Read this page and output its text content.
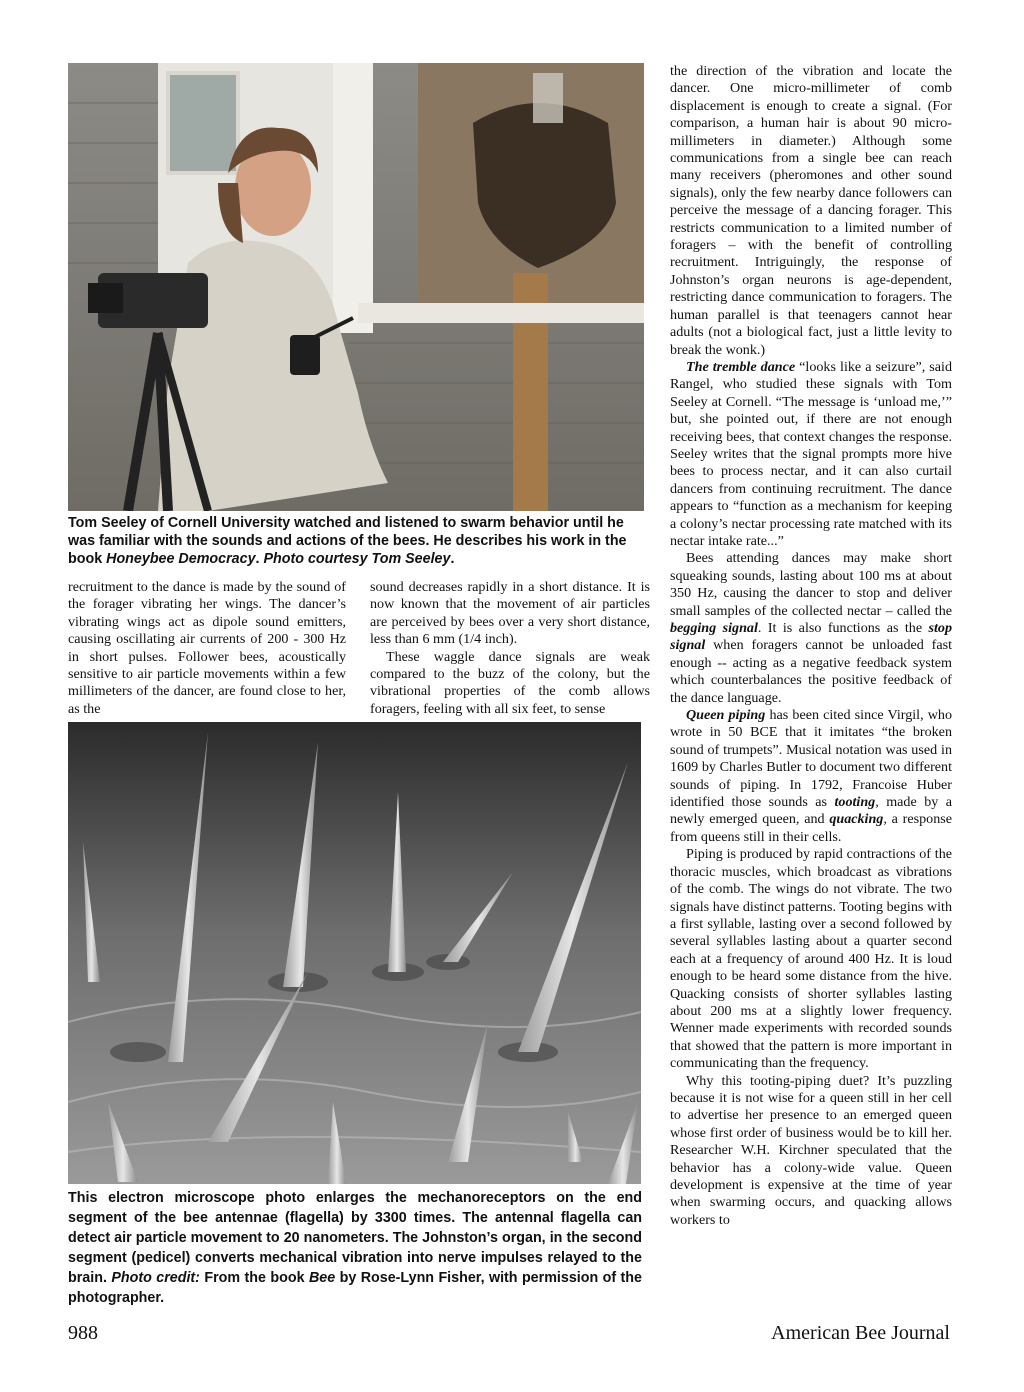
Tom Seeley of Cornell University watched and listened to swarm behavior until he was familiar with the sounds and actions of the bees. He describes his work in the book Honeybee Democracy. Photo courtesy Tom Seeley.

recruitment to the dance is made by the sound of the forager vibrating her wings. The dancer’s vibrating wings act as dipole sound emitters, causing oscillating air currents of 200 - 300 Hz in short pulses. Follower bees, acoustically sensitive to air particle movements within a few millimeters of the dancer, are found close to her, as the

sound decreases rapidly in a short distance. It is now known that the movement of air particles are perceived by bees over a very short distance, less than 6 mm (1/4 inch).

These waggle dance signals are weak compared to the buzz of the colony, but the vibrational properties of the comb allows foragers, feeling with all six feet, to sense

the direction of the vibration and locate the dancer. One micro-millimeter of comb displacement is enough to create a signal. (For comparison, a human hair is about 90 micro-millimeters in diameter.) Although some communications from a single bee can reach many receivers (pheromones and other sound signals), only the few nearby dance followers can perceive the message of a dancing forager. This restricts communication to a limited number of foragers – with the benefit of controlling recruitment. Intriguingly, the response of Johnston’s organ neurons is age-dependent, restricting dance communication to foragers. The human parallel is that teenagers cannot hear adults (not a biological fact, just a little levity to break the wonk.)

The tremble dance “looks like a seizure”, said Rangel, who studied these signals with Tom Seeley at Cornell. “The message is ‘unload me,’” but, she pointed out, if there are not enough receiving bees, that context changes the response. Seeley writes that the signal prompts more hive bees to process nectar, and it can also curtail dancers from continuing recruitment. The dance appears to “function as a mechanism for keeping a colony’s nectar processing rate matched with its nectar intake rate...”

Bees attending dances may make short squeaking sounds, lasting about 100 ms at about 350 Hz, causing the dancer to stop and deliver small samples of the collected nectar – called the begging signal. It is also functions as the stop signal when foragers cannot be unloaded fast enough -- acting as a negative feedback system which counterbalances the positive feedback of the dance language.

Queen piping has been cited since Virgil, who wrote in 50 BCE that it imitates “the broken sound of trumpets”. Musical notation was used in 1609 by Charles Butler to document two different sounds of piping. In 1792, Francoise Huber identified those sounds as tooting, made by a newly emerged queen, and quacking, a response from queens still in their cells.

Piping is produced by rapid contractions of the thoracic muscles, which broadcast as vibrations of the comb. The wings do not vibrate. The two signals have distinct patterns. Tooting begins with a first syllable, lasting over a second followed by several syllables lasting about a quarter second each at a frequency of around 400 Hz. It is loud enough to be heard some distance from the hive. Quacking consists of shorter syllables lasting about 200 ms at a slightly lower frequency. Wenner made experiments with recorded sounds that showed that the pattern is more important in communicating than the frequency.

Why this tooting-piping duet? It’s puzzling because it is not wise for a queen still in her cell to advertise her presence to an emerged queen whose first order of business would be to kill her. Researcher W.H. Kirchner speculated that the behavior has a colony-wide value. Queen development is expensive at the time of year when swarming occurs, and quacking allows workers to

This electron microscope photo enlarges the mechanoreceptors on the end segment of the bee antennae (flagella) by 3300 times. The antennal flagella can detect air particle movement to 20 nanometers. The Johnston’s organ, in the second segment (pedicel) converts mechanical vibration into nerve impulses relayed to the brain. Photo credit: From the book Bee by Rose-Lynn Fisher, with permission of the photographer.
988	American Bee Journal
